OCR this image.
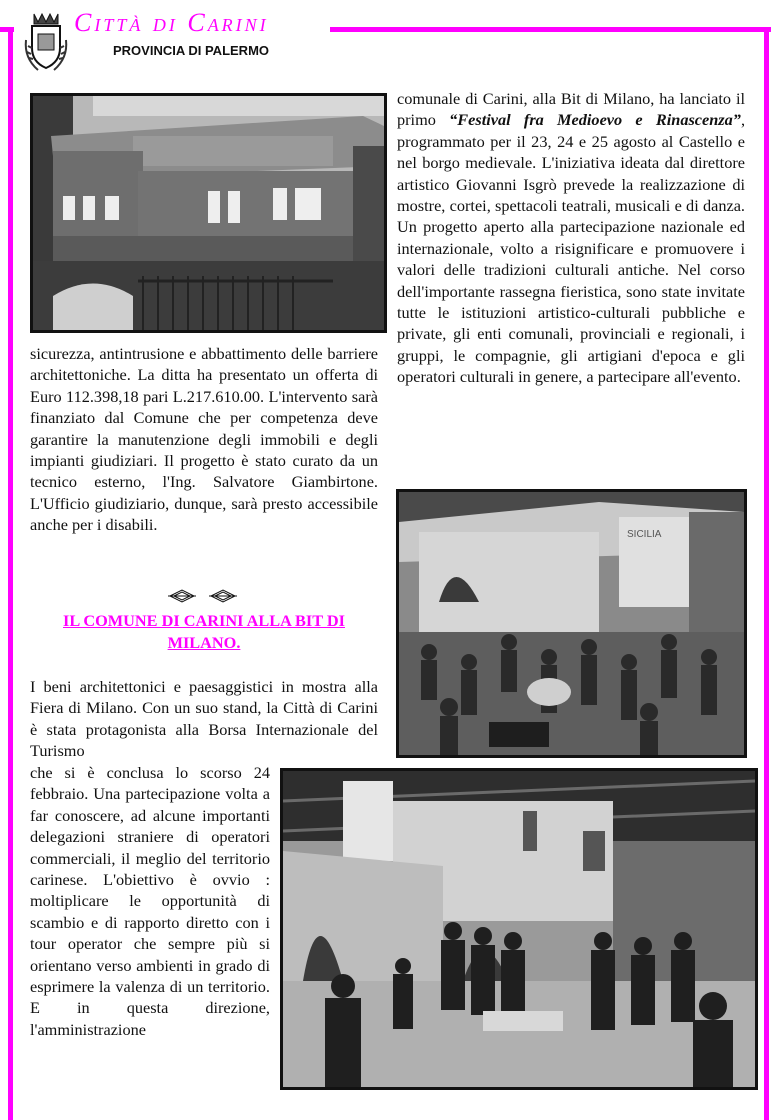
Città di Carini
PROVINCIA DI PALERMO

comunale di Carini, alla Bit di Milano, ha lanciato il primo “Festival fra Medioevo e Rinascenza”, programmato per il 23, 24 e 25 agosto al Castello e nel borgo medievale. L'iniziativa ideata dal direttore artistico Giovanni Isgrò prevede la realizzazione di mostre, cortei, spettacoli teatrali, musicali e di danza. Un progetto aperto alla partecipazione nazionale ed internazionale, volto a risignificare e promuovere i valori delle tradizioni culturali antiche. Nel corso dell'importante rassegna fieristica, sono state invitate tutte le istituzioni artistico-culturali pubbliche e private, gli enti comunali, provinciali e regionali, i gruppi, le compagnie, gli artigiani d'epoca e gli operatori culturali in genere, a partecipare all'evento.

sicurezza, antintrusione e abbattimento delle barriere architettoniche. La ditta ha presentato un offerta di Euro 112.398,18 pari L.217.610.00. L'intervento sarà finanziato dal Comune che per competenza deve garantire la manutenzione degli immobili e degli impianti giudiziari. Il progetto è stato curato da un tecnico esterno, l'Ing. Salvatore Giambirtone. L'Ufficio giudiziario, dunque, sarà presto accessibile anche per i disabili.

IL COMUNE DI CARINI ALLA BIT DI MILANO.

I beni architettonici e paesaggistici in mostra alla Fiera di Milano. Con un suo stand, la Città di Carini è stata protagonista alla Borsa Internazionale del Turismo

che si è conclusa lo scorso 24 febbraio. Una partecipazione volta a far conoscere, ad alcune importanti delegazioni straniere di operatori commerciali, il meglio del territorio carinese. L'obiettivo è ovvio : moltiplicare le opportunità di scambio e di rapporto diretto con i tour operator che sempre più si orientano verso ambienti in grado di esprimere la valenza di un territorio. E in questa direzione, l'amministrazione

SICILIA
